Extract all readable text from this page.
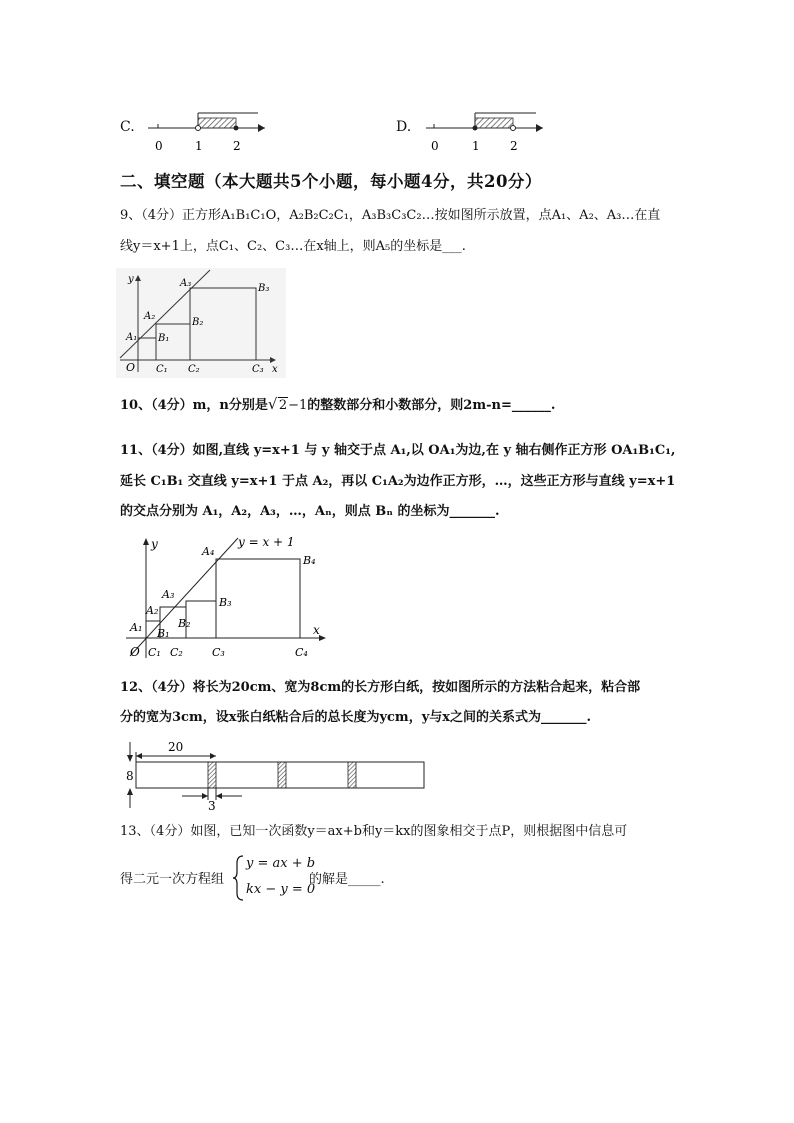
C.
0	1	2
D.
0	1	2
二、填空题（本大题共5个小题，每小题4分，共20分）
9、（4分）正方形A₁B₁C₁O，A₂B₂C₂C₁，A₃B₃C₃C₂…按如图所示放置，点A₁、A₂、A₃…在直
线y＝x+1上，点C₁、C₂、C₃…在x轴上，则A₅的坐标是___.
y
x
O
A₁
A₂
A₃
B₁
B₂
B₃
C₁ C₂	C₃
10、（4分）m，n分别是 √ 2−1的整数部分和小数部分，则2m-n=______.
11、（4分）如图,直线 y=x+1 与 y 轴交于点 A₁,以 OA₁为边,在 y 轴右侧作正方形 OA₁B₁C₁,
延长 C₁B₁ 交直线 y=x+1 于点 A₂，再以 C₁A₂为边作正方形，…，这些正方形与直线 y=x+1
的交点分别为 A₁，A₂，A₃，…，Aₙ，则点 Bₙ 的坐标为_______.
y = x + 1
y
x
O
A₁
A₂
A₃
A₄
B₁
B₂
B₃
B₄
C₁ C₂	C₃	C₄
12、（4分）将长为20cm、宽为8cm的长方形白纸，按如图所示的方法粘合起来，粘合部
分的宽为3cm，设x张白纸粘合后的总长度为ycm，y与x之间的关系式为_______.
20
8
3
13、（4分）如图，已知一次函数y＝ax+b和y＝kx的图象相交于点P，则根据图中信息可
得二元一次方程组
y = ax + b
kx − y = 0
的解是_____.
